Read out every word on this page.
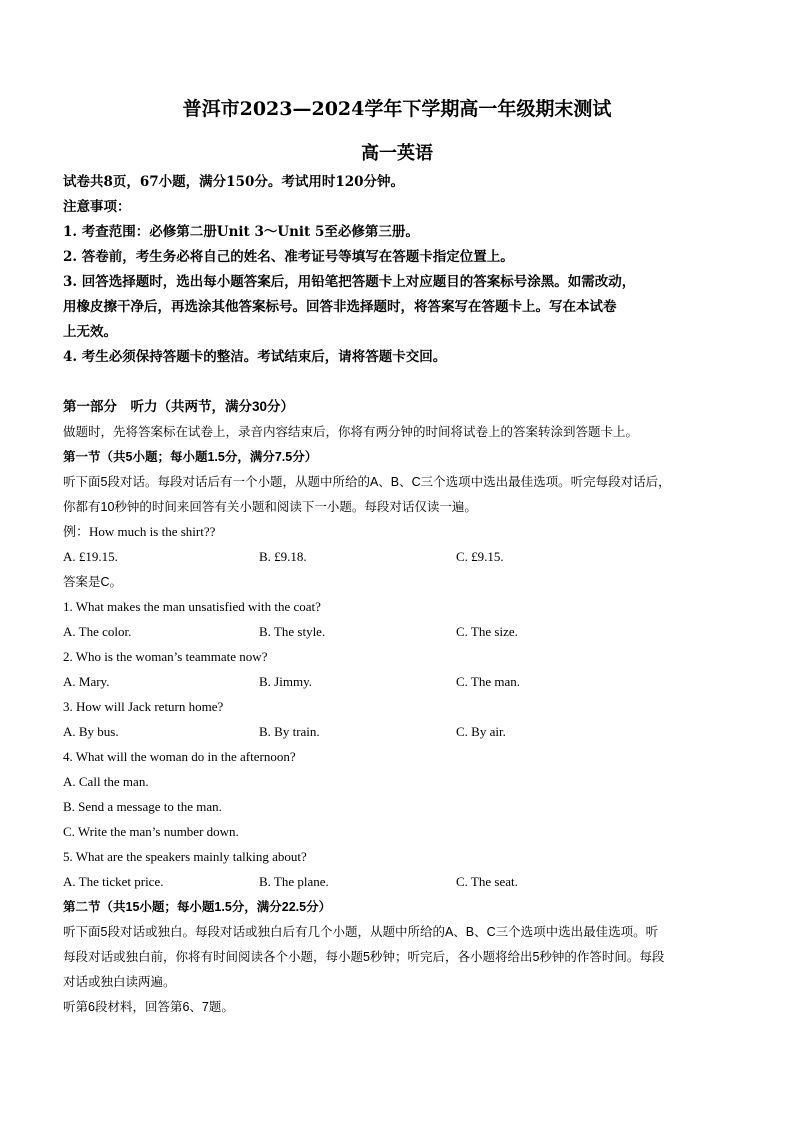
普洱市2023—2024学年下学期高一年级期末测试
高一英语
试卷共8页，67小题，满分150分。考试用时120分钟。
注意事项：
1. 考查范围：必修第二册Unit 3～Unit 5至必修第三册。
2. 答卷前，考生务必将自己的姓名、准考证号等填写在答题卡指定位置上。
3. 回答选择题时，选出每小题答案后，用铅笔把答题卡上对应题目的答案标号涂黑。如需改动，
用橡皮擦干净后，再选涂其他答案标号。回答非选择题时，将答案写在答题卡上。写在本试卷
上无效。
4. 考生必须保持答题卡的整洁。考试结束后，请将答题卡交回。
第一部分　听力（共两节，满分30分）
做题时，先将答案标在试卷上，录音内容结束后，你将有两分钟的时间将试卷上的答案转涂到答题卡上。
第一节（共5小题；每小题1.5分，满分7.5分）
听下面5段对话。每段对话后有一个小题，从题中所给的A、B、C三个选项中选出最佳选项。听完每段对话后，
你都有10秒钟的时间来回答有关小题和阅读下一小题。每段对话仅读一遍。
例：How much is the shirt??
A. £19.15.	B. £9.18.	C. £9.15.
答案是C。
1. What makes the man unsatisfied with the coat?
A. The color.	B. The style.	C. The size.
2. Who is the woman’s teammate now?
A. Mary.	B. Jimmy.	C. The man.
3. How will Jack return home?
A. By bus.	B. By train.	C. By air.
4. What will the woman do in the afternoon?
A. Call the man.
B. Send a message to the man.
C. Write the man’s number down.
5. What are the speakers mainly talking about?
A. The ticket price.	B. The plane.	C. The seat.
第二节（共15小题；每小题1.5分，满分22.5分）
听下面5段对话或独白。每段对话或独白后有几个小题，从题中所给的A、B、C三个选项中选出最佳选项。听
每段对话或独白前，你将有时间阅读各个小题，每小题5秒钟；听完后，各小题将给出5秒钟的作答时间。每段
对话或独白读两遍。
听第6段材料，回答第6、7题。
